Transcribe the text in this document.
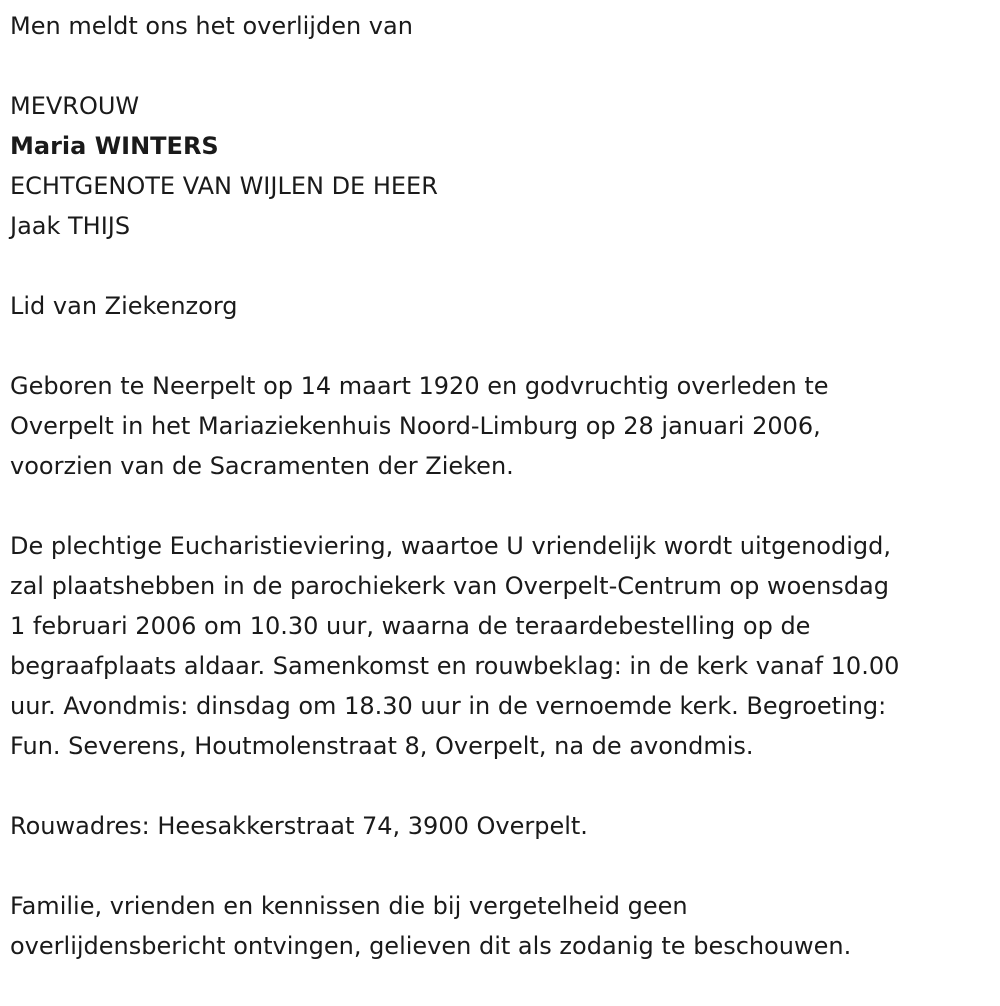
Men meldt ons het overlijden van

MEVROUW

Maria WINTERS

ECHTGENOTE VAN WIJLEN DE HEER

Jaak THIJS

Lid van Ziekenzorg

Geboren te Neerpelt op 14 maart 1920 en godvruchtig overleden te

Overpelt in het Mariaziekenhuis Noord-Limburg op 28 januari 2006,

voorzien van de Sacramenten der Zieken.

De plechtige Eucharistieviering, waartoe U vriendelijk wordt uitgenodigd,

zal plaatshebben in de parochiekerk van Overpelt-Centrum op woensdag

1 februari 2006 om 10.30 uur, waarna de teraardebestelling op de

begraafplaats aldaar. Samenkomst en rouwbeklag: in de kerk vanaf 10.00

uur. Avondmis: dinsdag om 18.30 uur in de vernoemde kerk. Begroeting:

Fun. Severens, Houtmolenstraat 8, Overpelt, na de avondmis.

Rouwadres: Heesakkerstraat 74, 3900 Overpelt.

Familie, vrienden en kennissen die bij vergetelheid geen

overlijdensbericht ontvingen, gelieven dit als zodanig te beschouwen.
